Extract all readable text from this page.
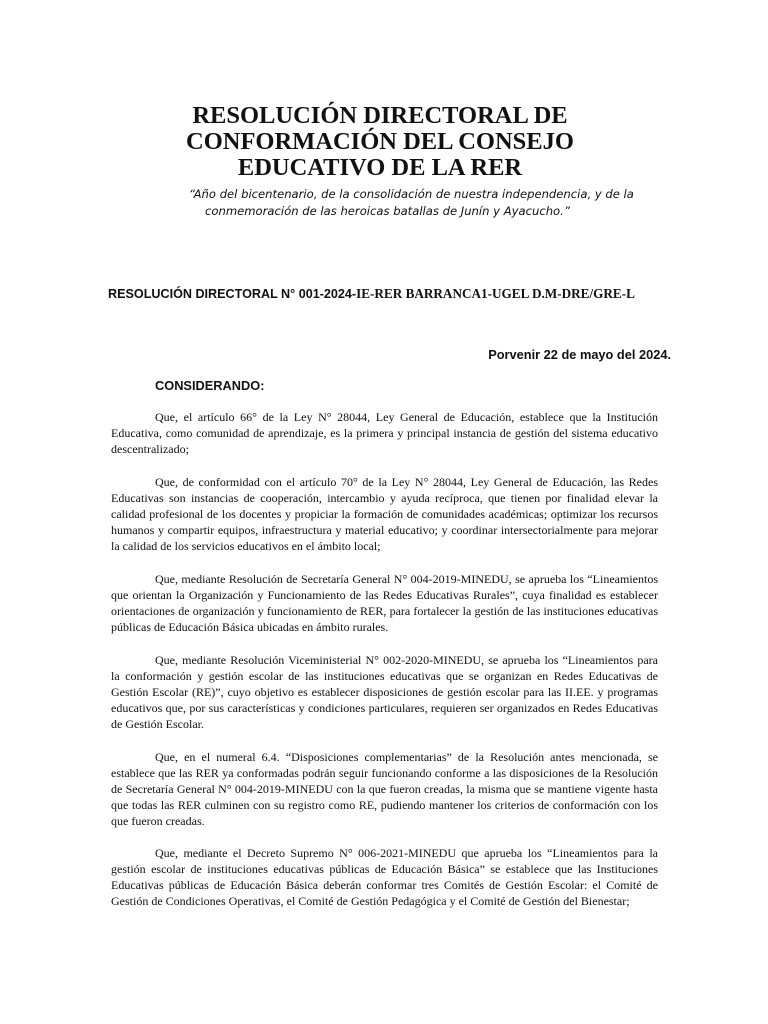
RESOLUCIÓN DIRECTORAL DE
CONFORMACIÓN DEL CONSEJO
EDUCATIVO DE LA RER

“Año del bicentenario, de la consolidación de nuestra independencia, y de la
conmemoración de las heroicas batallas de Junín y Ayacucho.”

RESOLUCIÓN DIRECTORAL N° 001-2024-IE-RER BARRANCA1-UGEL D.M-DRE/GRE-L
Porvenir 22 de mayo del 2024.
CONSIDERANDO:

Que, el artículo 66° de la Ley N° 28044, Ley General de Educación, establece que la Institución Educativa, como comunidad de aprendizaje, es la primera y principal instancia de gestión del sistema educativo descentralizado;

Que, de conformidad con el artículo 70° de la Ley N° 28044, Ley General de Educación, las Redes Educativas son instancias de cooperación, intercambio y ayuda recíproca, que tienen por finalidad elevar la calidad profesional de los docentes y propiciar la formación de comunidades académicas; optimizar los recursos humanos y compartir equipos, infraestructura y material educativo; y coordinar intersectorialmente para mejorar la calidad de los servicios educativos en el ámbito local;

Que, mediante Resolución de Secretaría General N° 004-2019-MINEDU, se aprueba los “Lineamientos que orientan la Organización y Funcionamiento de las Redes Educativas Rurales”, cuya finalidad es establecer orientaciones de organización y funcionamiento de RER, para fortalecer la gestión de las instituciones educativas públicas de Educación Básica ubicadas en ámbito rurales.

Que, mediante Resolución Viceministerial N° 002-2020-MINEDU, se aprueba los “Lineamientos para la conformación y gestión escolar de las instituciones educativas que se organizan en Redes Educativas de Gestión Escolar (RE)”, cuyo objetivo es establecer disposiciones de gestión escolar para las II.EE. y programas educativos que, por sus características y condiciones particulares, requieren ser organizados en Redes Educativas de Gestión Escolar.

Que, en el numeral 6.4. “Disposiciones complementarias” de la Resolución antes mencionada, se establece que las RER ya conformadas podrán seguir funcionando conforme a las disposiciones de la Resolución de Secretaría General N° 004-2019-MINEDU con la que fueron creadas, la misma que se mantiene vigente hasta que todas las RER culminen con su registro como RE, pudiendo mantener los criterios de conformación con los que fueron creadas.

Que, mediante el Decreto Supremo N° 006-2021-MINEDU que aprueba los “Lineamientos para la gestión escolar de instituciones educativas públicas de Educación Básica” se establece que las Instituciones Educativas públicas de Educación Básica deberán conformar tres Comités de Gestión Escolar: el Comité de Gestión de Condiciones Operativas, el Comité de Gestión Pedagógica y el Comité de Gestión del Bienestar;
